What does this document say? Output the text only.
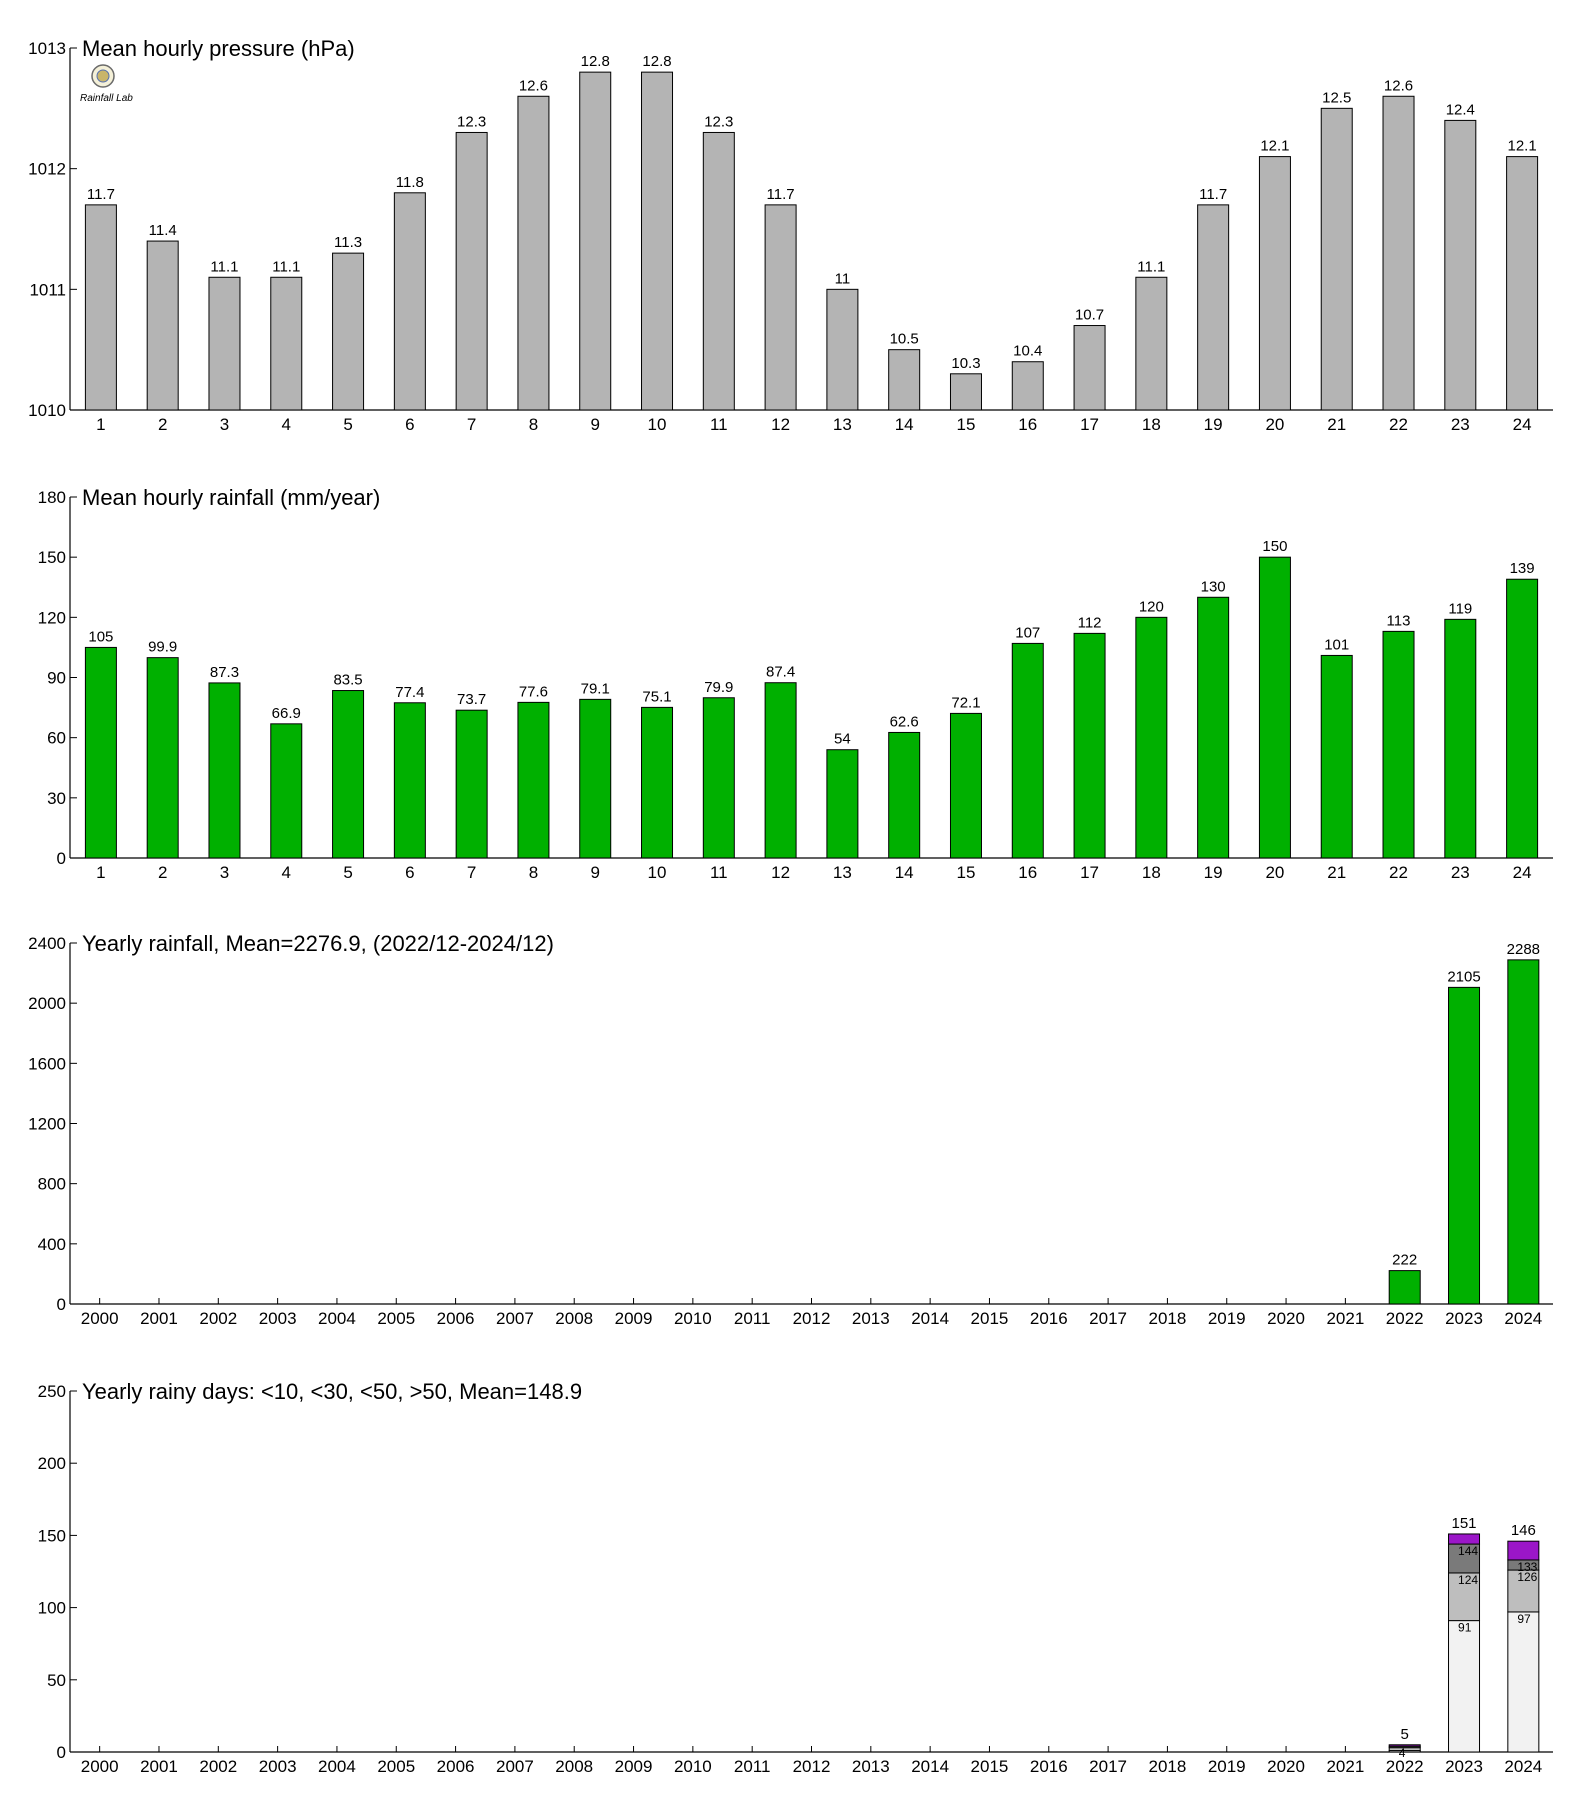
Rainfall Lab
Mean hourly pressure (hPa)
1010
1011
1012
1013
1	2	3	4	5	6	7	8	9	10	11	12	13	14	15	16	17	18	19	20	21	22	23	24
11.7
11.4
11.1 11.1
11.3
11.8
12.3
12.6
12.8 12.8
12.3
11.7
11
10.5
10.3
10.4
10.7
11.1
11.7
12.1
12.5
12.6
12.4
12.1
Mean hourly rainfall (mm/year)
0
30
60
90
120
150
180
1	2	3	4	5	6	7	8	9	10	11	12	13	14	15	16	17	18	19	20	21	22	23	24
105
99.9
87.3
66.9
83.5
77.4 73.7 77.6 79.1 75.1
79.9
87.4
54
62.6
72.1
107
112
120
130
150
101
113
119
139
Yearly rainfall, Mean=2276.9, (2022/12-2024/12)
0
400
800
1200
1600
2000
2400
2000 2001 2002 2003 2004 2005 2006 2007 2008 2009 2010 2011 2012 2013 2014 2015 2016 2017 2018 2019 2020 2021 2022 2023 2024
222
2105
2288
Yearly rainy days: <10, <30, <50, >50, Mean=148.9
0
50
100
150
200
250
2000 2001 2002 2003 2004 2005 2006 2007 2008 2009 2010 2011 2012 2013 2014 2015 2016 2017 2018 2019 2020 2021 2022 2023 2024
4
5
91
124
144
151
97
126
133
146
